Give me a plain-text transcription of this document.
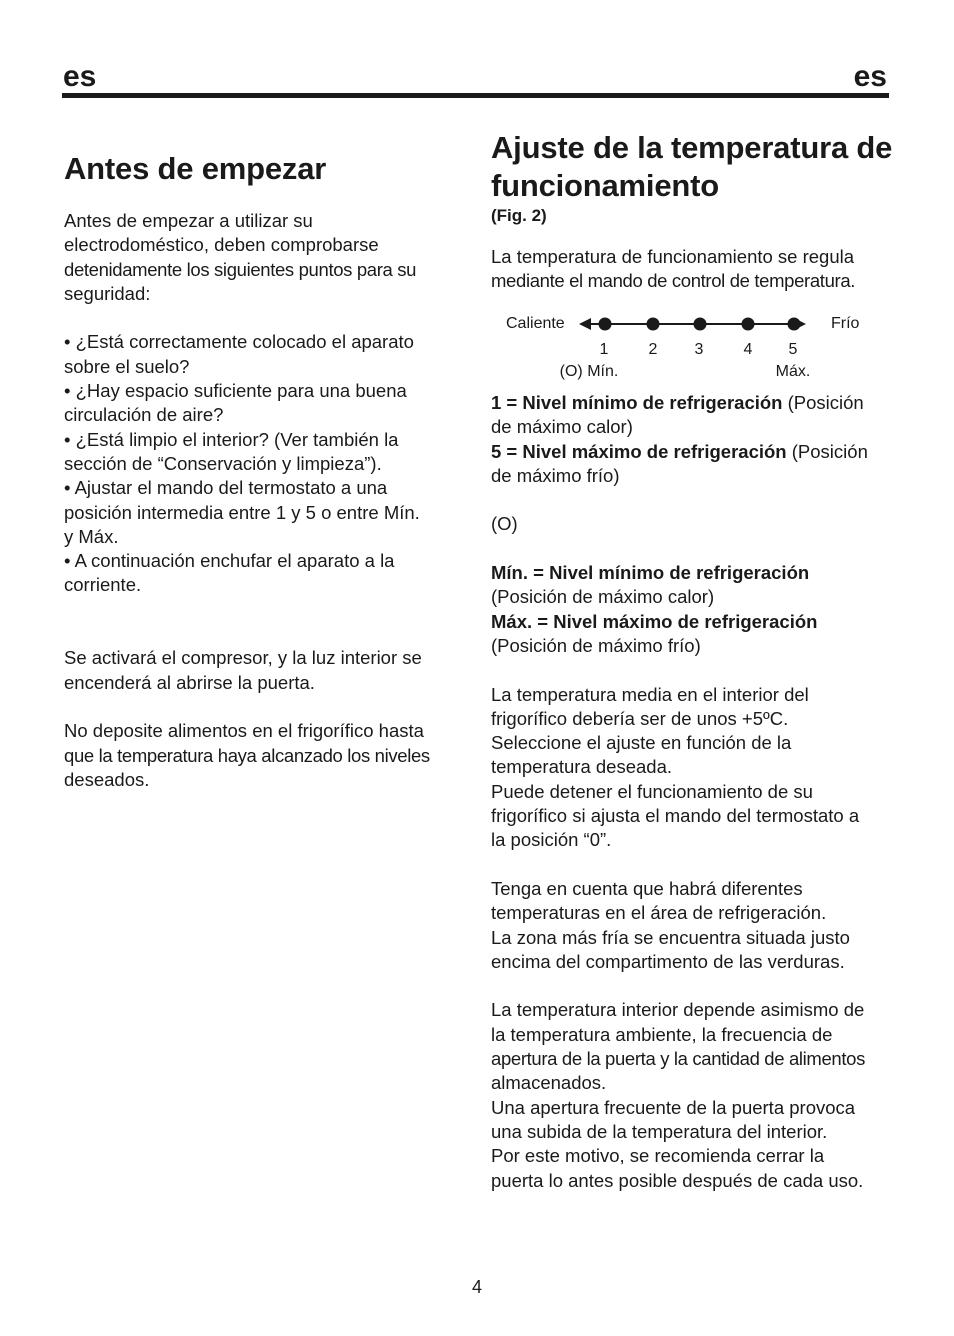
es	es
Antes de empezar

Antes de empezar a utilizar su
electrodoméstico, deben comprobarse
detenidamente los siguientes puntos para su
seguridad:

• ¿Está correctamente colocado el aparato
sobre el suelo?

• ¿Hay espacio suficiente para una buena
circulación de aire?

• ¿Está limpio el interior? (Ver también la
sección de “Conservación y limpieza”).

• Ajustar el mando del termostato a una
posición intermedia entre 1 y 5 o entre Mín.
y Máx.

• A continuación enchufar el aparato a la
corriente.

Se activará el compresor, y la luz interior se
encenderá al abrirse la puerta.

No deposite alimentos en el frigorífico hasta
que la temperatura haya alcanzado los niveles
deseados.

Ajuste de la temperatura de
funcionamiento
(Fig. 2)

La temperatura de funcionamiento se regula
mediante el mando de control de temperatura.

Caliente	Frío
1	2 3	4 5
(O) Mín.	Máx.

1 = Nivel mínimo de refrigeración (Posición
de máximo calor)
5 = Nivel máximo de refrigeración (Posición
de máximo frío)

(O)

Mín. = Nivel mínimo de refrigeración
(Posición de máximo calor)
Máx. = Nivel máximo de refrigeración
(Posición de máximo frío)

La temperatura media en el interior del
frigorífico debería ser de unos +5ºC.
Seleccione el ajuste en función de la
temperatura deseada.
Puede detener el funcionamiento de su
frigorífico si ajusta el mando del termostato a
la posición “0”.

Tenga en cuenta que habrá diferentes
temperaturas en el área de refrigeración.
La zona más fría se encuentra situada justo
encima del compartimento de las verduras.

La temperatura interior depende asimismo de
la temperatura ambiente, la frecuencia de
apertura de la puerta y la cantidad de alimentos
almacenados.
Una apertura frecuente de la puerta provoca
una subida de la temperatura del interior.
Por este motivo, se recomienda cerrar la
puerta lo antes posible después de cada uso.

4
